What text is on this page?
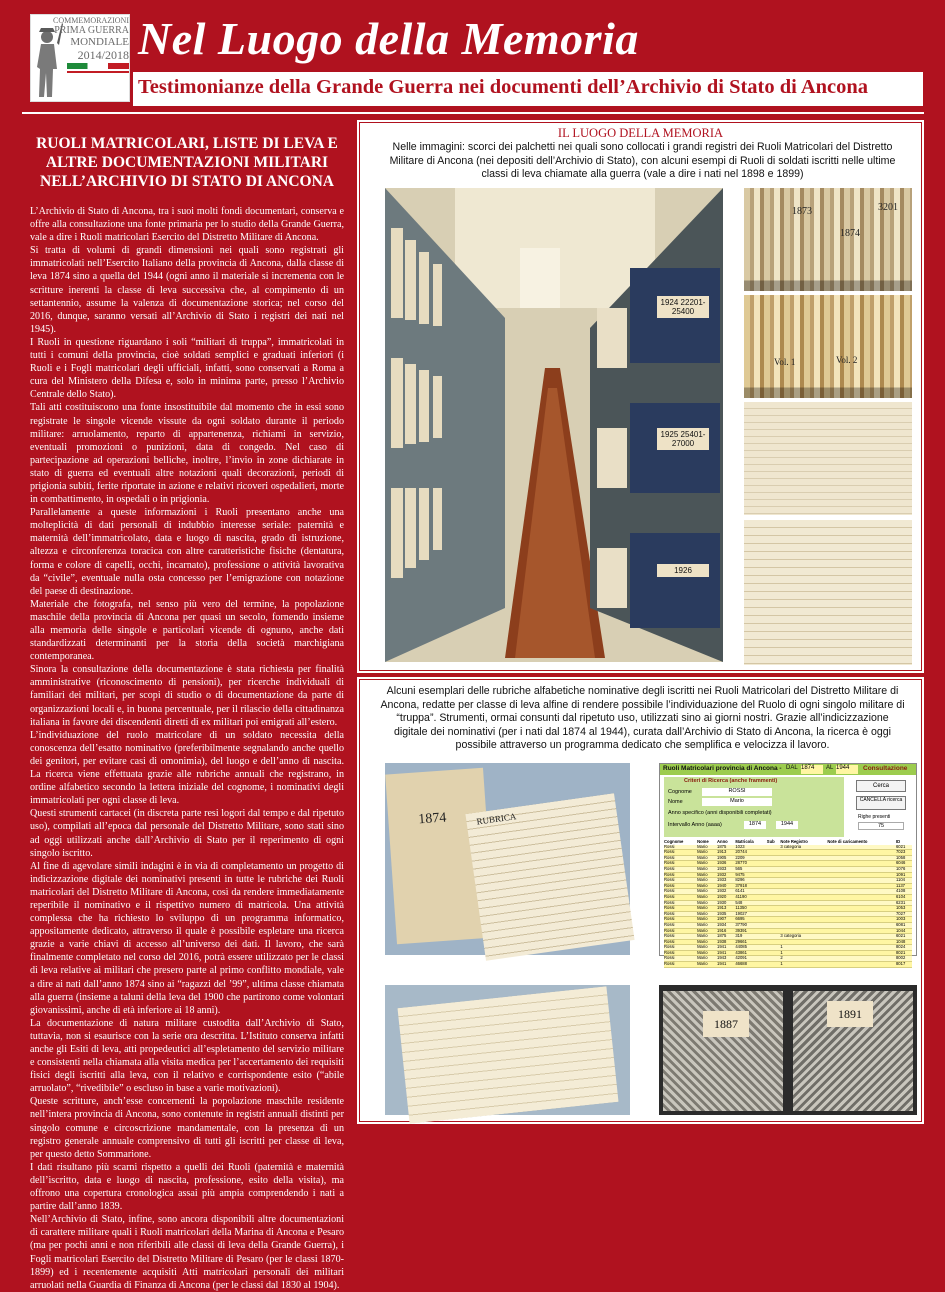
COMMEMORAZIONI
PRIMA GUERRA
MONDIALE
2014/2018 Nel Luogo della Memoria
Testimonianze della Grande Guerra nei documenti dell’Archivio di Stato di Ancona
RUOLI MATRICOLARI, LISTE DI LEVA E ALTRE DOCUMENTAZIONI MILITARI NELL’ARCHIVIO DI STATO DI ANCONA

L’Archivio di Stato di Ancona, tra i suoi molti fondi documentari, conserva e offre alla consultazione una fonte primaria per lo studio della Grande Guerra, vale a dire i Ruoli matricolari Esercito del Distretto Militare di Ancona.

Si tratta di volumi di grandi dimensioni nei quali sono registrati gli immatricolati nell’Esercito Italiano della provincia di Ancona, dalla classe di leva 1874 sino a quella del 1944 (ogni anno il materiale si incrementa con le scritture inerenti la classe di leva successiva che, al compimento di un settantennio, assume la valenza di documentazione storica; nel corso del 2016, dunque, saranno versati all’Archivio di Stato i registri dei nati nel 1945).

I Ruoli in questione riguardano i soli “militari di truppa”, immatricolati in tutti i comuni della provincia, cioè soldati semplici e graduati inferiori (i Ruoli e i Fogli matricolari degli ufficiali, infatti, sono conservati a Roma a cura del Ministero della Difesa e, solo in minima parte, presso l’Archivio Centrale dello Stato).

Tali atti costituiscono una fonte insostituibile dal momento che in essi sono registrate le singole vicende vissute da ogni soldato durante il periodo militare: arruolamento, reparto di appartenenza, richiami in servizio, eventuali promozioni o punizioni, data di congedo. Nel caso di partecipazione ad operazioni belliche, inoltre, l’invio in zone dichiarate in stato di guerra ed eventuali altre notazioni quali decorazioni, periodi di prigionia subiti, ferite riportate in azione e relativi ricoveri ospedalieri, morte in combattimento, in ospedali o in prigionia.

Parallelamente a queste informazioni i Ruoli presentano anche una molteplicità di dati personali di indubbio interesse seriale: paternità e maternità dell’immatricolato, data e luogo di nascita, grado di istruzione, altezza e circonferenza toracica con altre caratteristiche fisiche (dentatura, forma e colore di capelli, occhi, incarnato), professione o attività lavorativa da “civile”, eventuale nulla osta concesso per l’emigrazione con notazione del paese di destinazione.

Materiale che fotografa, nel senso più vero del termine, la popolazione maschile della provincia di Ancona per quasi un secolo, fornendo insieme alla memoria delle singole e particolari vicende di ognuno, anche dati standardizzati determinanti per la storia della società marchigiana contemporanea.

Sinora la consultazione della documentazione è stata richiesta per finalità amministrative (riconoscimento di pensioni), per ricerche individuali di familiari dei militari, per scopi di studio o di documentazione da parte di organizzazioni locali e, in buona percentuale, per il rilascio della cittadinanza italiana in favore dei discendenti diretti di ex militari poi emigrati all’estero.

L’individuazione del ruolo matricolare di un soldato necessita della conoscenza dell’esatto nominativo (preferibilmente segnalando anche quello dei genitori, per evitare casi di omonimia), del luogo e dell’anno di nascita. La ricerca viene effettuata grazie alle rubriche annuali che registrano, in ordine alfabetico secondo la lettera iniziale del cognome, i nominativi degli immatricolati per ogni classe di leva.

Questi strumenti cartacei (in discreta parte resi logori dal tempo e dal ripetuto uso), compilati all’epoca dal personale del Distretto Militare, sono stati sino ad oggi utilizzati anche dall’Archivio di Stato per il reperimento di ogni singolo iscritto.

Al fine di agevolare simili indagini è in via di completamento un progetto di indicizzazione digitale dei nominativi presenti in tutte le rubriche dei Ruoli matricolari del Distretto Militare di Ancona, così da rendere immediatamente reperibile il nominativo e il rispettivo numero di matricola. Una attività complessa che ha richiesto lo sviluppo di un programma informatico, appositamente dedicato, attraverso il quale è possibile espletare una ricerca grazie a varie chiavi di accesso all’universo dei dati. Il lavoro, che sarà finalmente completato nel corso del 2016, potrà essere utilizzato per le classi di leva relative ai militari che presero parte al primo conflitto mondiale, vale a dire ai nati dall’anno 1874 sino ai “ragazzi del ’99”, ultima classe chiamata alla guerra (insieme a taluni della leva del 1900 che partirono come volontari giovanissimi, anche di età inferiore ai 18 anni).

La documentazione di natura militare custodita dall’Archivio di Stato, tuttavia, non si esaurisce con la serie ora descritta. L’Istituto conserva infatti anche gli Esiti di leva, atti propedeutici all’espletamento del servizio militare e consistenti nella chiamata alla visita medica per l’accertamento dei requisiti fisici degli iscritti alla leva, con il relativo e corrispondente esito (“abile arruolato”, “rivedibile” o escluso in base a varie motivazioni).

Queste scritture, anch’esse concernenti la popolazione maschile residente nell’intera provincia di Ancona, sono contenute in registri annuali distinti per singolo comune e circoscrizione mandamentale, con la presenza di un registro generale annuale comprensivo di tutti gli iscritti per classe di leva, per questo detto Sommarione.

I dati risultano più scarni rispetto a quelli dei Ruoli (paternità e maternità dell’iscritto, data e luogo di nascita, professione, esito della visita), ma offrono una copertura cronologica assai più ampia comprendendo i nati a partire dall’anno 1839.

Nell’Archivio di Stato, infine, sono ancora disponibili altre documentazioni di carattere militare quali i Ruoli matricolari della Marina di Ancona e Pesaro (ma per pochi anni e non riferibili alle classi di leva della Grande Guerra), i Fogli matricolari Esercito del Distretto Militare di Pesaro (per le classi 1870-1899) ed i recentemente acquisiti Atti matricolari personali dei militari arruolati nella Guardia di Finanza di Ancona (per le classi dal 1830 al 1904).

IL LUOGO DELLA MEMORIA
Nelle immagini: scorci dei palchetti nei quali sono collocati i grandi registri dei Ruoli Matricolari del Distretto Militare di Ancona (nei depositi dell’Archivio di Stato), con alcuni esempi di Ruoli di soldati iscritti nelle ultime classi di leva chiamate alla guerra (vale a dire i nati nel 1898 e 1899)
1924 22201-25400
1925 25401-27000
1926
1873
1874
3201
Vol. 1	Vol. 2
Alcuni esemplari delle rubriche alfabetiche nominative degli iscritti nei Ruoli Matricolari del Distretto Militare di Ancona, redatte per classe di leva alfine di rendere possibile l’individuazione del Ruolo di ogni singolo militare di “truppa”. Strumenti, ormai consunti dal ripetuto uso, utilizzati sino ai giorni nostri. Grazie all’indicizzazione digitale dei nominativi (per i nati dal 1874 al 1944), curata dall’Archivio di Stato di Ancona, la ricerca è oggi possibile attraverso un programma dedicato che semplifica e velocizza il lavoro.
1874	RUBRICA
Ruoli Matricolari provincia di Ancona - DAL 1874	AL 1944	Consultazione
Criteri di Ricerca (anche frammenti)
Cognome	ROSSI
Nome	Mario
Anno specifico (anni disponibili completati)
Intervallo Anno (aaaa)	1874	1944
Cerca
CANCELLA ricerca
Righe presenti
75
Cognome	Nome	Anno	Matricola	Sub	Note Registro	Note di caricamento	ID
Rossi	Mario	1875	1023		3 categoria		6021
Rossi	Mario	1913	20744				7023
Rossi	Mario	1905	2209				1058
Rossi	Mario	1936	28770				6046
Rossi	Mario	1933	565				1076
Rossi	Mario	1932	9475				1091
Rossi	Mario	1933	8296				1104
Rossi	Mario	1940	37918				1137
Rossi	Mario	1932	6141				4108
Rossi	Mario	1920	41190				6104
Rossi	Mario	1930	548				6231
Rossi	Mario	1913	11350				1053
Rossi	Mario	1935	19027				7027
Rossi	Mario	1907	6695				1003
Rossi	Mario	1934	37790				6081
Rossi	Mario	1916	39391				1044
Rossi	Mario	1875	319		3 categoria		6021
Rossi	Mario	1938	29661				1048
Rossi	Mario	1941	44085		1		8024
Rossi	Mario	1941	43861		1		8021
Rossi	Mario	1943	42091		2		8002
Rossi	Mario	1941	46688		1		8017
1887
1891
